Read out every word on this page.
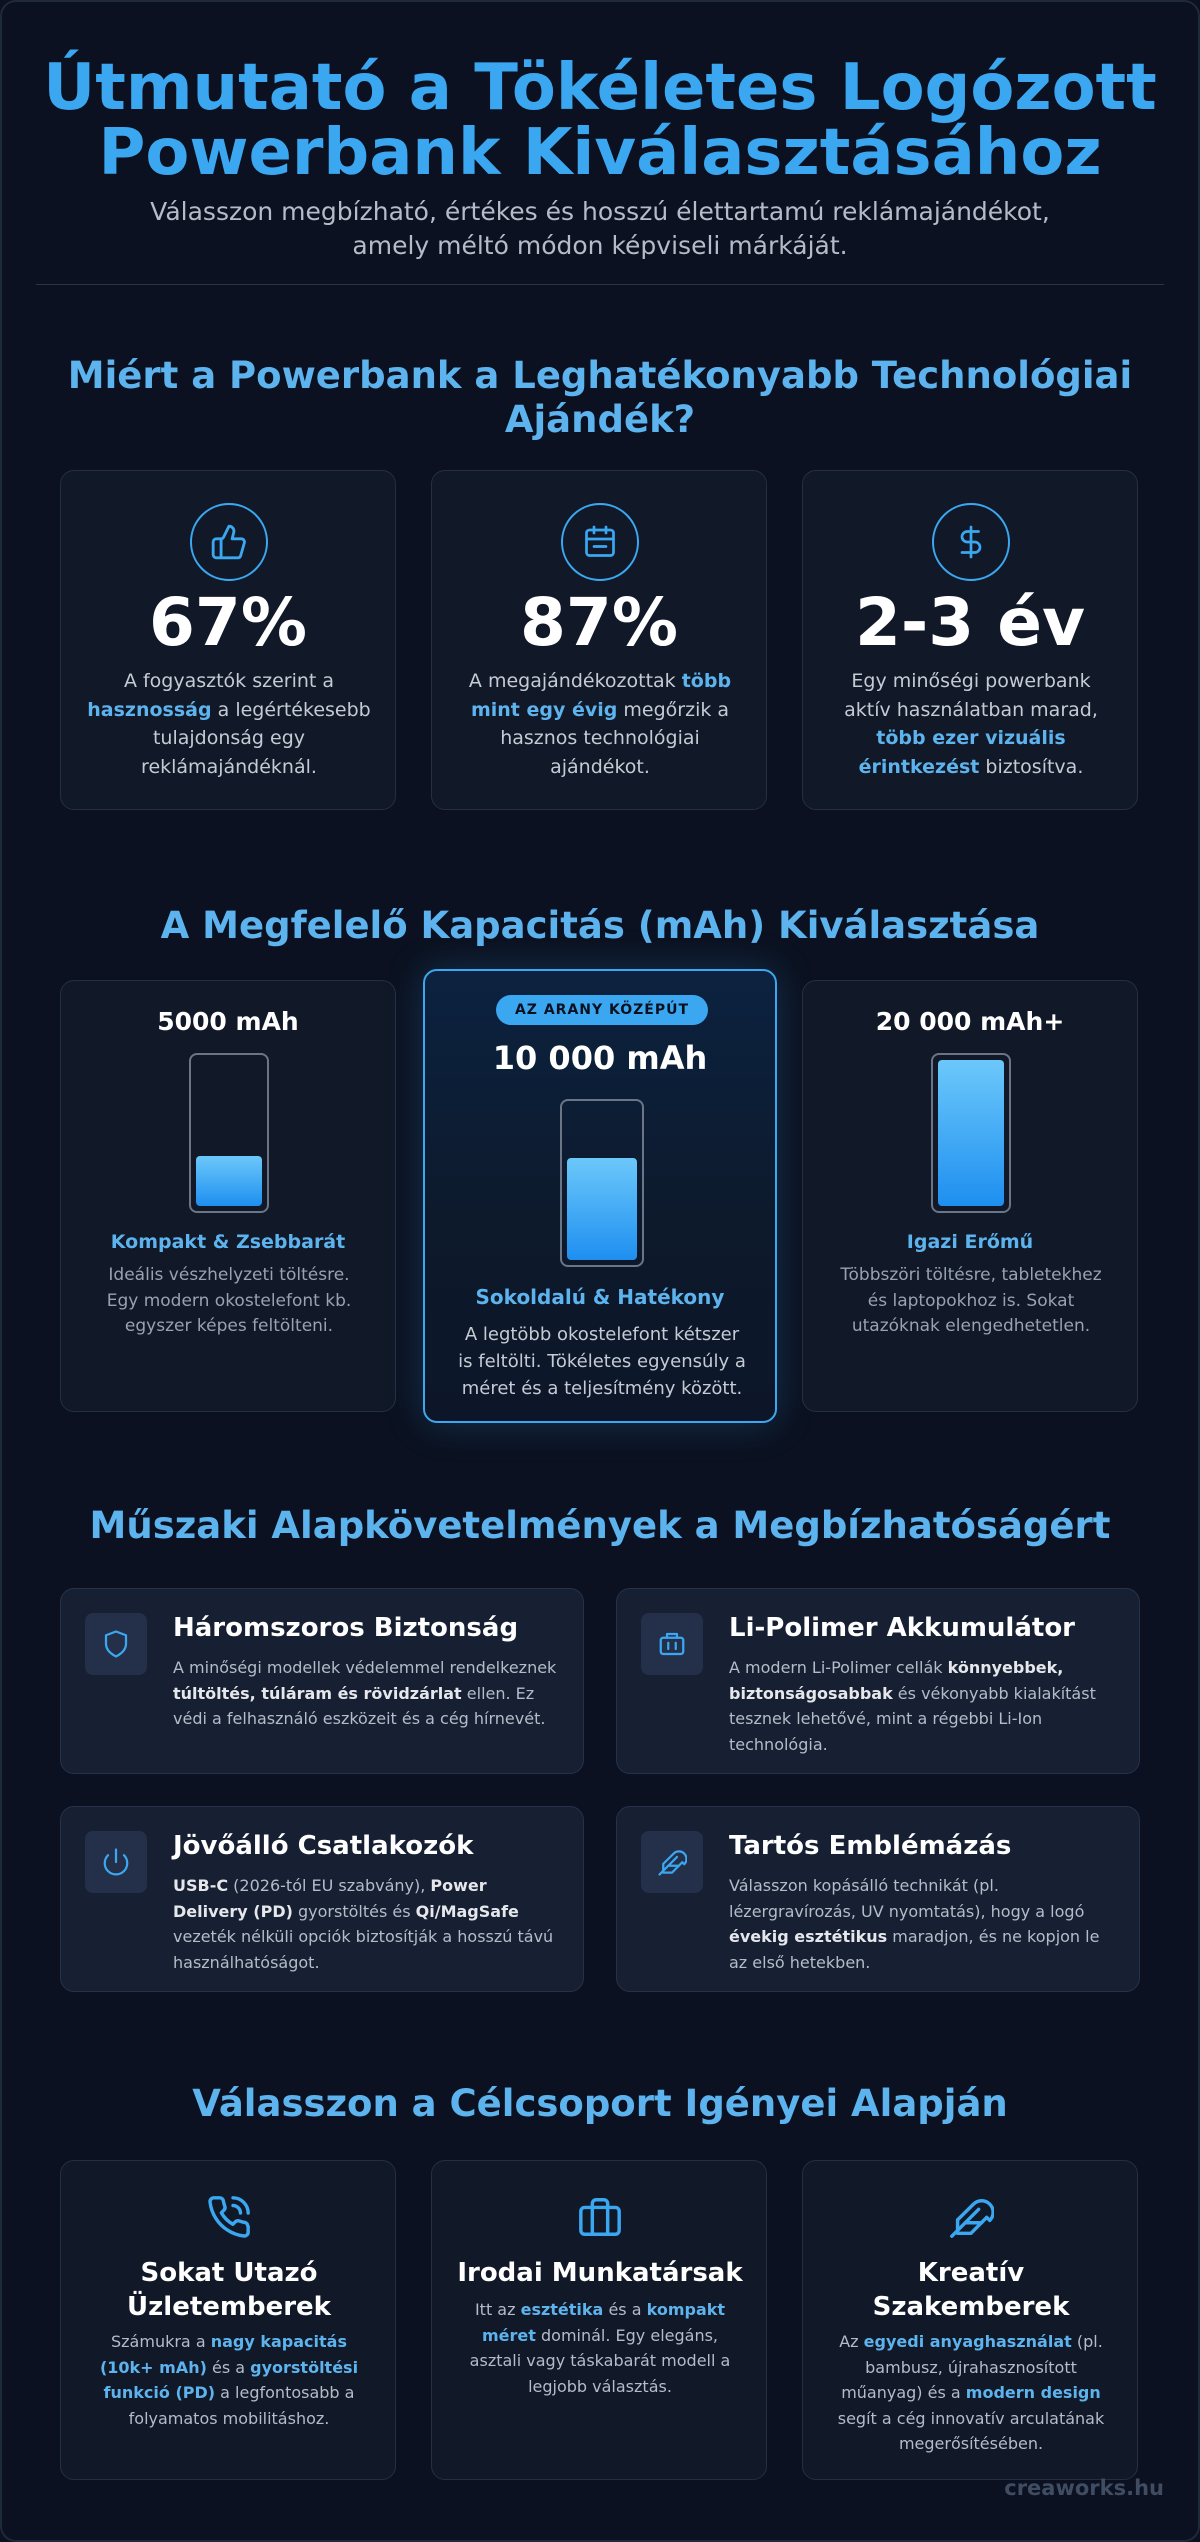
Útmutató a Tökéletes Logózott
Powerbank Kiválasztásához

Válasszon megbízható, értékes és hosszú élettartamú reklámajándékot,
amely méltó módon képviseli márkáját.

Miért a Powerbank a Leghatékonyabb Technológiai
Ajándék?
67%

A fogyasztók szerint a hasznosság a legértékesebb tulajdonság egy reklámajándéknál.

87%

A megajándékozottak több mint egy évig megőrzik a hasznos technológiai ajándékot.

2-3 év

Egy minőségi powerbank aktív használatban marad, több ezer vizuális érintkezést biztosítva.

A Megfelelő Kapacitás (mAh) Kiválasztása
5000 mAh
Kompakt & Zsebbarát

Ideális vészhelyzeti töltésre. Egy modern okostelefont kb. egyszer képes feltölteni.

AZ ARANY KÖZÉPÚT
10 000 mAh
Sokoldalú & Hatékony

A legtöbb okostelefont kétszer is feltölti. Tökéletes egyensúly a méret és a teljesítmény között.

20 000 mAh+
Igazi Erőmű

Többszöri töltésre, tabletekhez és laptopokhoz is. Sokat utazóknak elengedhetetlen.

Műszaki Alapkövetelmények a Megbízhatóságért
Háromszoros Biztonság

A minőségi modellek védelemmel rendelkeznek túltöltés, túláram és rövidzárlat ellen. Ez védi a felhasználó eszközeit és a cég hírnevét.

Li-Polimer Akkumulátor

A modern Li-Polimer cellák könnyebbek, biztonságosabbak és vékonyabb kialakítást tesznek lehetővé, mint a régebbi Li-Ion technológia.

Jövőálló Csatlakozók

USB-C (2026-tól EU szabvány), Power Delivery (PD) gyorstöltés és Qi/MagSafe vezeték nélküli opciók biztosítják a hosszú távú használhatóságot.

Tartós Emblémázás

Válasszon kopásálló technikát (pl. lézergravírozás, UV nyomtatás), hogy a logó évekig esztétikus maradjon, és ne kopjon le az első hetekben.

Válasszon a Célcsoport Igényei Alapján
Sokat Utazó
Üzletemberek

Számukra a nagy kapacitás (10k+ mAh) és a gyorstöltési funkció (PD) a legfontosabb a folyamatos mobilitáshoz.

Irodai Munkatársak

Itt az esztétika és a kompakt méret dominál. Egy elegáns, asztali vagy táskabarát modell a legjobb választás.

Kreatív
Szakemberek

Az egyedi anyaghasználat (pl. bambusz, újrahasznosított műanyag) és a modern design segít a cég innovatív arculatának megerősítésében.

creaworks.hu
